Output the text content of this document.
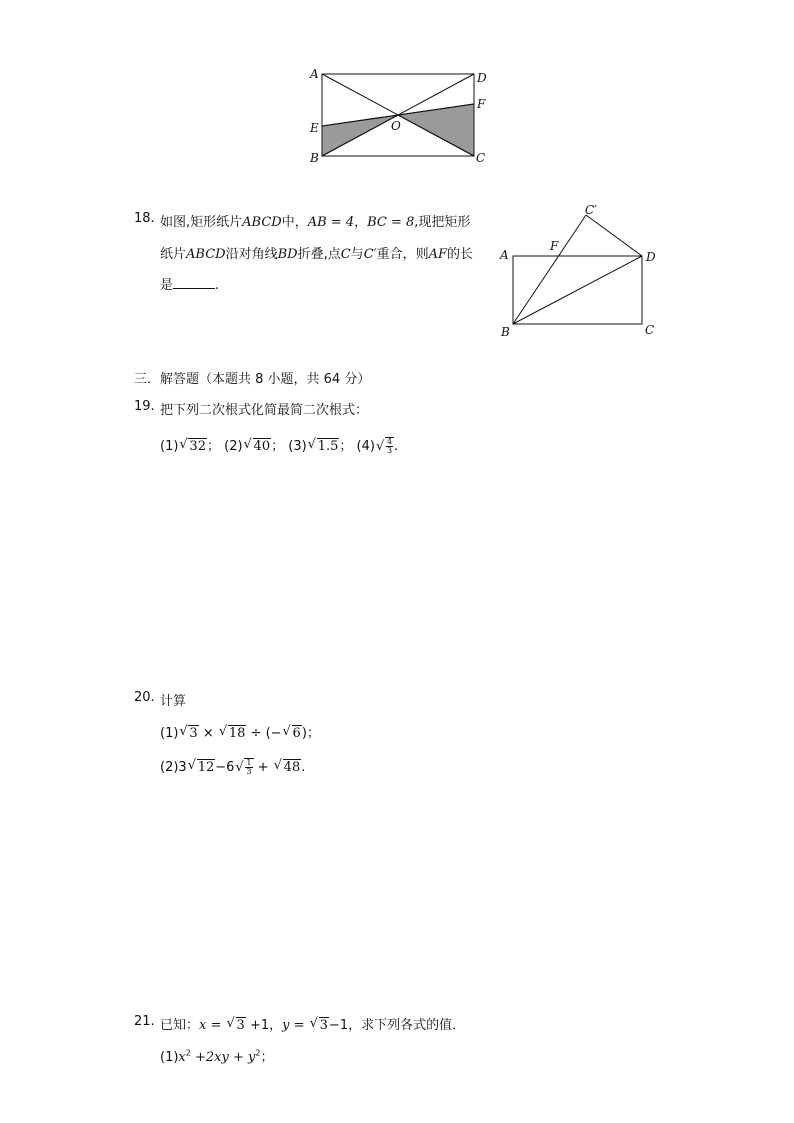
A	D
F
E	O
B	C
18. 如图,矩形纸片ABCD中，AB = 4，BC = 8,现把矩形
纸片ABCD沿对角线BD折叠,点C与C′重合，则AF的长
是	.
C′
F
A	D
B	C
三．解答题（本题共 8 小题，共 64 分）
19. 把下列二次根式化简最简二次根式：
(1) √ 32； (2) √ 40； (3) √ 1.5； (4) √ $\frac{4}{3}$ .
20. 计算
(1) √ 3 × √ 18 ÷ (− √ 6)；
(2)3 √ 12−6 √ $\frac{1}{3}$ + √ 48.
21. 已知：x = √ 3 +1，y = √ 3−1，求下列各式的值．
$(1)x^2 +2xy + y^2$；
